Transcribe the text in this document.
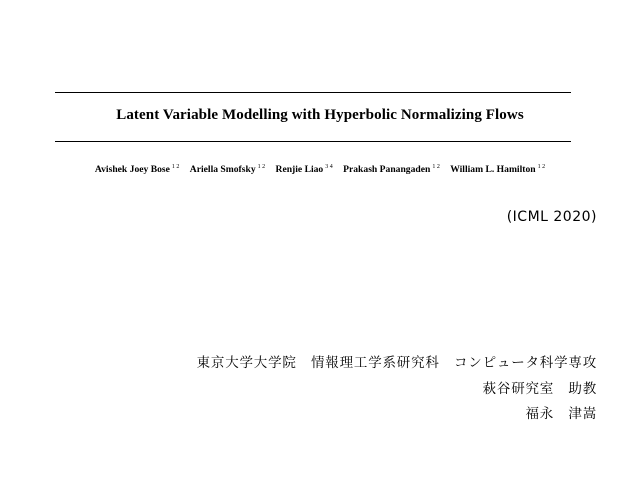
Latent Variable Modelling with Hyperbolic Normalizing Flows
Avishek Joey Bose $^{1 2}$ Ariella Smofsky $^{1 2}$ Renjie Liao $^{3 4}$ Prakash Panangaden $^{1 2}$ William L. Hamilton $^{1 2}$
(ICML 2020)
東京大学大学院　情報理工学系研究科　コンピュータ科学専攻
萩谷研究室　助教
福永　津嵩
